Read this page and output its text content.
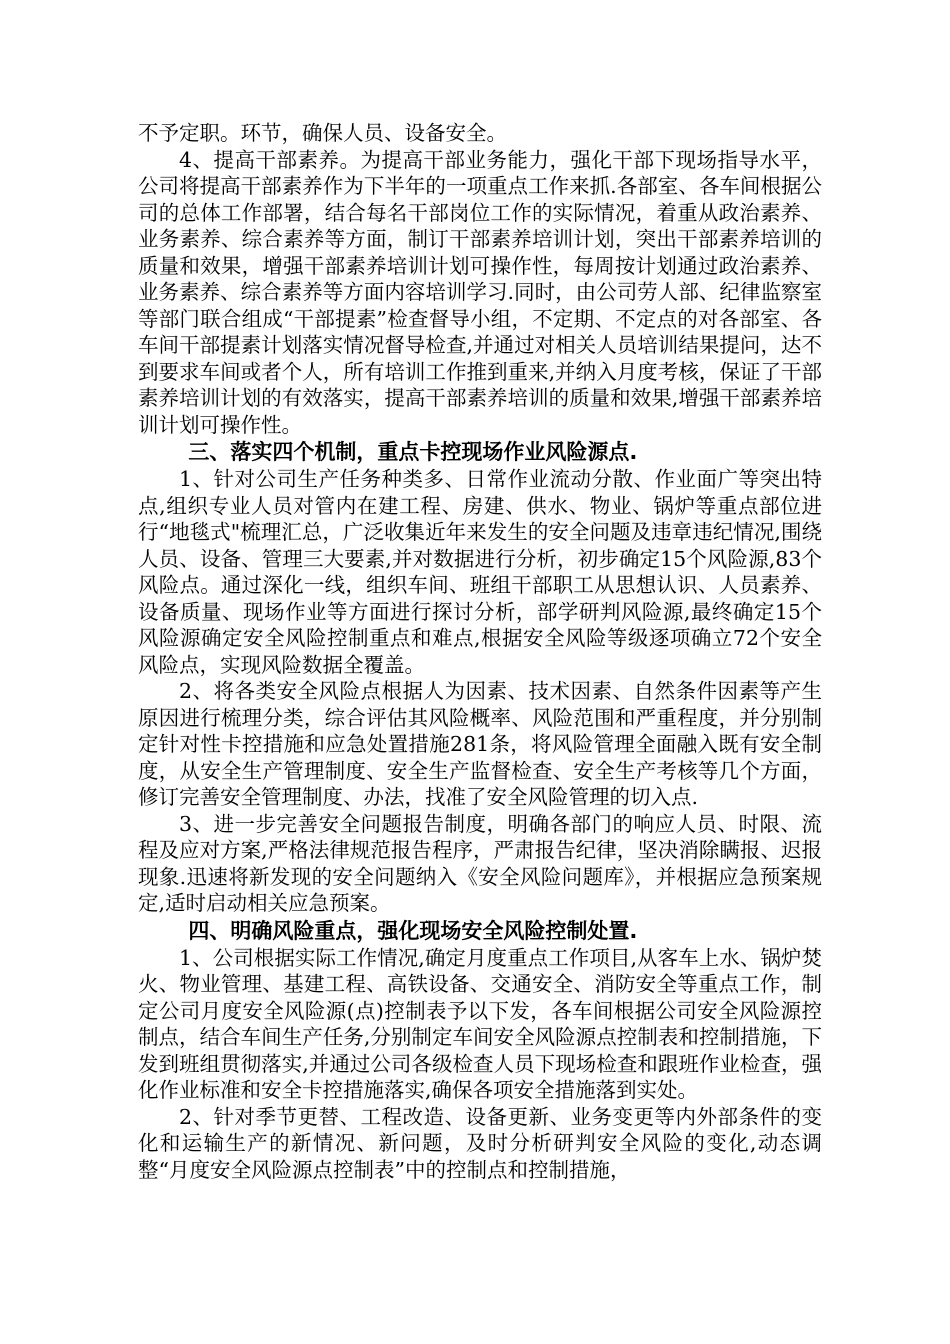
不予定职。环节，确保人员、设备安全。

4、提高干部素养。为提高干部业务能力，强化干部下现场指导水平，公司将提高干部素养作为下半年的一项重点工作来抓.各部室、各车间根据公司的总体工作部署，结合每名干部岗位工作的实际情况，着重从政治素养、业务素养、综合素养等方面，制订干部素养培训计划，突出干部素养培训的质量和效果，增强干部素养培训计划可操作性，每周按计划通过政治素养、业务素养、综合素养等方面内容培训学习.同时，由公司劳人部、纪律监察室等部门联合组成“干部提素”检查督导小组，不定期、不定点的对各部室、各车间干部提素计划落实情况督导检查,并通过对相关人员培训结果提问，达不到要求车间或者个人，所有培训工作推到重来,并纳入月度考核，保证了干部素养培训计划的有效落实，提高干部素养培训的质量和效果,增强干部素养培训计划可操作性。

三、落实四个机制，重点卡控现场作业风险源点.

1、针对公司生产任务种类多、日常作业流动分散、作业面广等突出特点,组织专业人员对管内在建工程、房建、供水、物业、锅炉等重点部位进行“地毯式"梳理汇总，广泛收集近年来发生的安全问题及违章违纪情况,围绕人员、设备、管理三大要素,并对数据进行分析，初步确定15个风险源,83个风险点。通过深化一线，组织车间、班组干部职工从思想认识、人员素养、设备质量、现场作业等方面进行探讨分析，部学研判风险源,最终确定15个风险源确定安全风险控制重点和难点,根据安全风险等级逐项确立72个安全风险点，实现风险数据全覆盖。

2、将各类安全风险点根据人为因素、技术因素、自然条件因素等产生原因进行梳理分类，综合评估其风险概率、风险范围和严重程度，并分别制定针对性卡控措施和应急处置措施281条，将风险管理全面融入既有安全制度，从安全生产管理制度、安全生产监督检查、安全生产考核等几个方面，修订完善安全管理制度、办法，找准了安全风险管理的切入点.

3、进一步完善安全问题报告制度，明确各部门的响应人员、时限、流程及应对方案,严格法律规范报告程序，严肃报告纪律，坚决消除瞒报、迟报现象.迅速将新发现的安全问题纳入《安全风险问题库》，并根据应急预案规定,适时启动相关应急预案。

四、明确风险重点，强化现场安全风险控制处置.

1、公司根据实际工作情况,确定月度重点工作项目,从客车上水、锅炉焚火、物业管理、基建工程、高铁设备、交通安全、消防安全等重点工作，制定公司月度安全风险源(点)控制表予以下发，各车间根据公司安全风险源控制点，结合车间生产任务,分别制定车间安全风险源点控制表和控制措施，下发到班组贯彻落实,并通过公司各级检查人员下现场检查和跟班作业检查，强化作业标准和安全卡控措施落实,确保各项安全措施落到实处。

2、针对季节更替、工程改造、设备更新、业务变更等内外部条件的变化和运输生产的新情况、新问题，及时分析研判安全风险的变化,动态调整“月度安全风险源点控制表”中的控制点和控制措施，
